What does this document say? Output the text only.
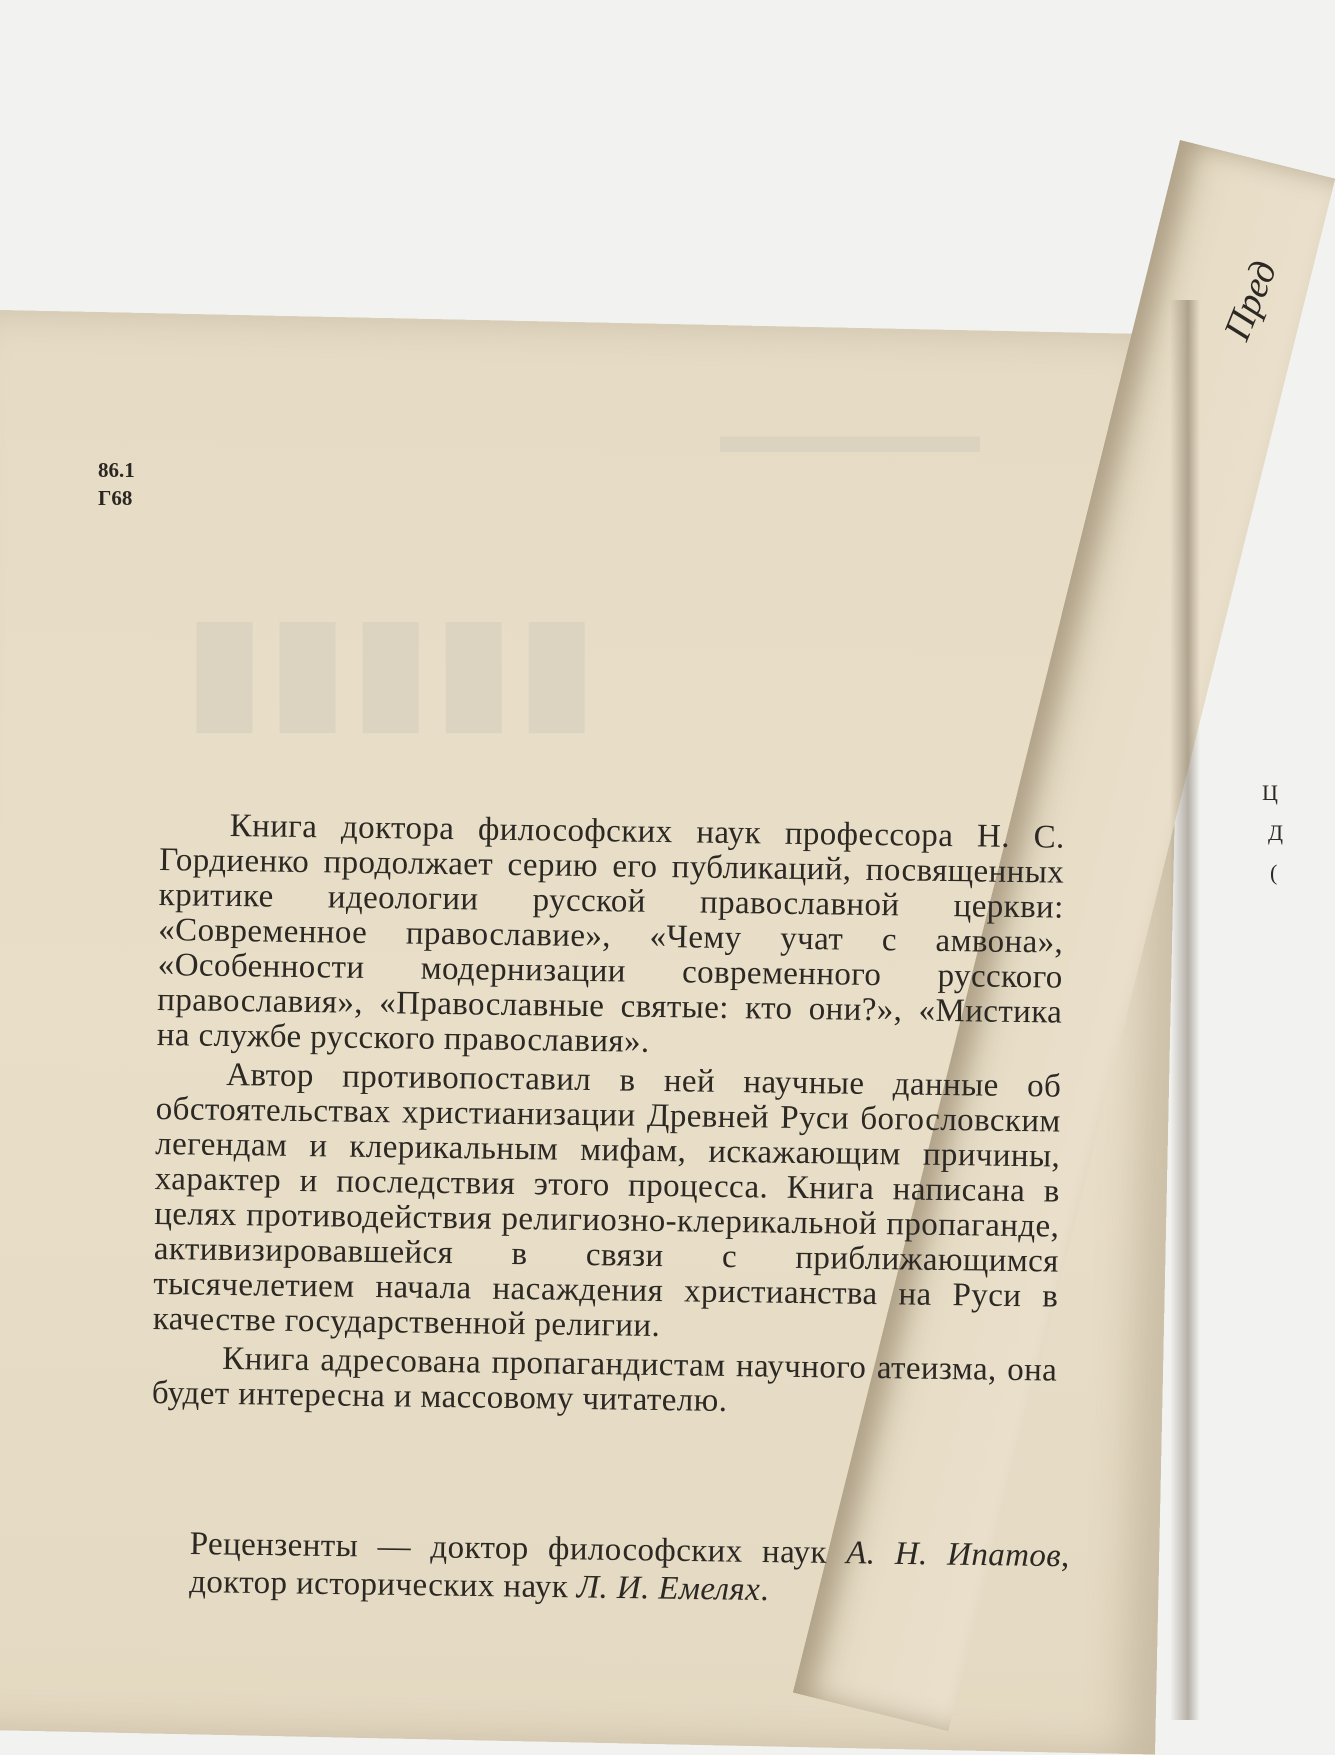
▬▬▬▬▬
▮▮▮▮▮
86.1
Г68

Книга доктора философских наук профессора Н. С. Гордиенко продолжает серию его публикаций, посвященных критике идеологии русской православной церкви: «Современное православие», «Чему учат с амвона», «Особенности модернизации современного русского православия», «Православные святые: кто они?», «Мистика на службе русского православия».

Автор противопоставил в ней научные данные об обстоятельствах христианизации Древней Руси богословским легендам и клерикальным мифам, искажающим причины, характер и последствия этого процесса. Книга написана в целях противодействия религиозно-клерикальной пропаганде, активизировавшейся в связи с приближающимся тысячелетием начала насаждения христианства на Руси в качестве государственной религии.

Книга адресована пропагандистам научного атеизма, она будет интересна и массовому читателю.

Рецензенты — доктор философских наук А. Н. Ипатов, доктор исторических наук Л. И. Емелях.
Пред
Ц
Д
(
